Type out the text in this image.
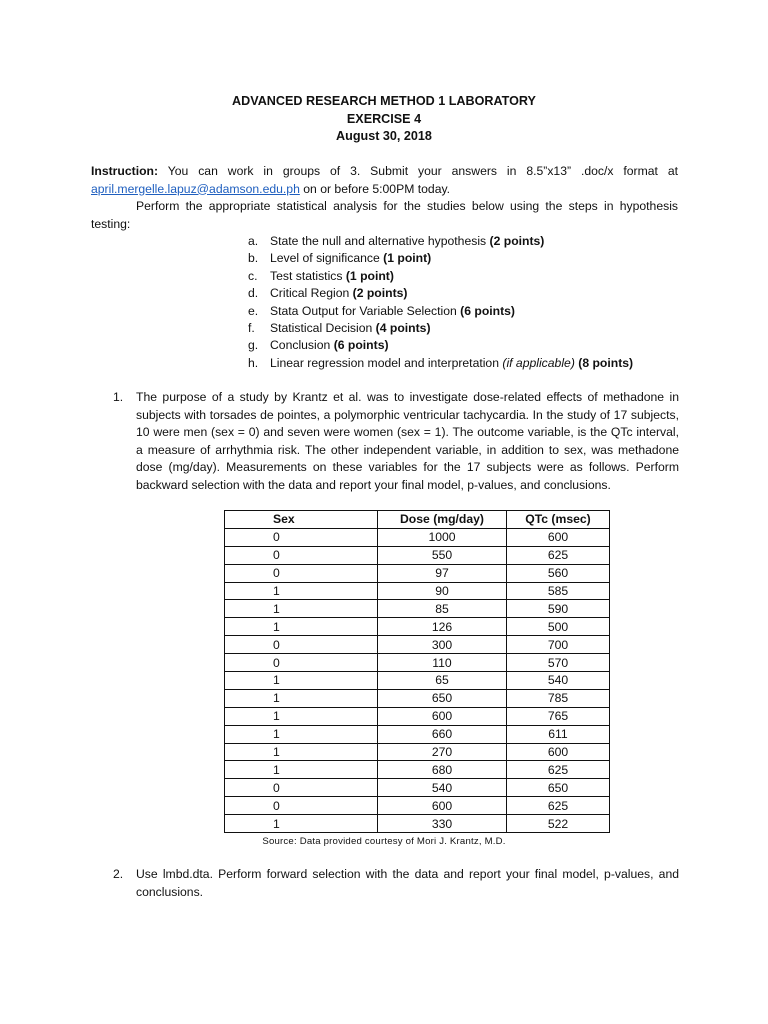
ADVANCED RESEARCH METHOD 1 LABORATORY
EXERCISE 4
August 30, 2018
Instruction: You can work in groups of 3. Submit your answers in 8.5”x13” .doc/x format at april.mergelle.lapuz@adamson.edu.ph on or before 5:00PM today.
Perform the appropriate statistical analysis for the studies below using the steps in hypothesis testing:
a. State the null and alternative hypothesis (2 points)
b. Level of significance (1 point)
c. Test statistics (1 point)
d. Critical Region (2 points)
e. Stata Output for Variable Selection (6 points)
f. Statistical Decision (4 points)
g. Conclusion (6 points)
h. Linear regression model and interpretation (if applicable) (8 points)
1.	The purpose of a study by Krantz et al. was to investigate dose-related effects of methadone in subjects with torsades de pointes, a polymorphic ventricular tachycardia. In the study of 17 subjects, 10 were men (sex = 0) and seven were women (sex = 1). The outcome variable, is the QTc interval, a measure of arrhythmia risk. The other independent variable, in addition to sex, was methadone dose (mg/day). Measurements on these variables for the 17 subjects were as follows. Perform backward selection with the data and report your final model, p-values, and conclusions.
Sex	Dose (mg/day)	QTc (msec)
0	1000	600
0	550	625
0	97	560
1	90	585
1	85	590
1	126	500
0	300	700
0	110	570
1	65	540
1	650	785
1	600	765
1	660	611
1	270	600
1	680	625
0	540	650
0	600	625
1	330	522
Source: Data provided courtesy of Mori J. Krantz, M.D.
2.	Use lmbd.dta. Perform forward selection with the data and report your final model, p-values, and conclusions.
